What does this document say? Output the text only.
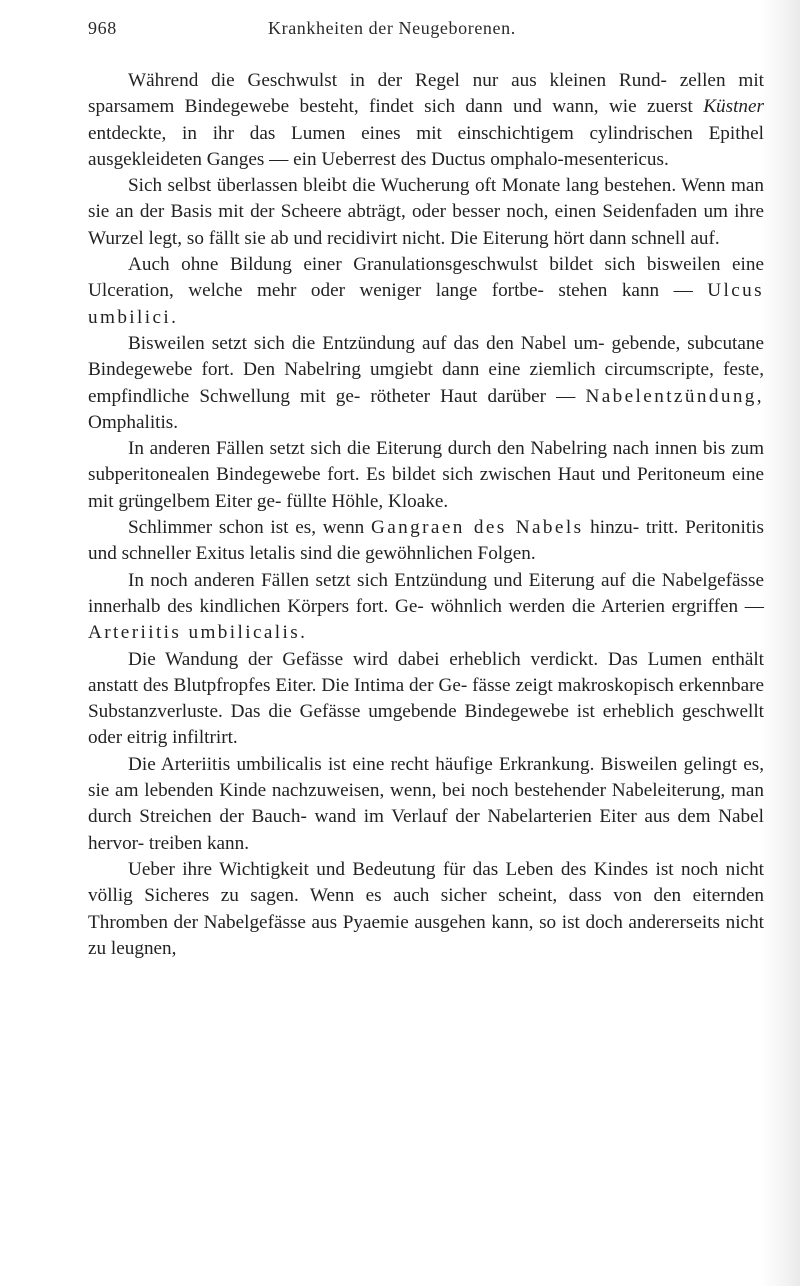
968	Krankheiten der Neugeborenen.

Während die Geschwulst in der Regel nur aus kleinen Rund- zellen mit sparsamem Bindegewebe besteht, findet sich dann und wann, wie zuerst Küstner entdeckte, in ihr das Lumen eines mit einschichtigem cylindrischen Epithel ausgekleideten Ganges — ein Ueberrest des Ductus omphalo-mesentericus.

Sich selbst überlassen bleibt die Wucherung oft Monate lang bestehen. Wenn man sie an der Basis mit der Scheere abträgt, oder besser noch, einen Seidenfaden um ihre Wurzel legt, so fällt sie ab und recidivirt nicht. Die Eiterung hört dann schnell auf.

Auch ohne Bildung einer Granulationsgeschwulst bildet sich bisweilen eine Ulceration, welche mehr oder weniger lange fortbe- stehen kann — Ulcus umbilici.

Bisweilen setzt sich die Entzündung auf das den Nabel um- gebende, subcutane Bindegewebe fort. Den Nabelring umgiebt dann eine ziemlich circumscripte, feste, empfindliche Schwellung mit ge- rötheter Haut darüber — Nabelentzündung, Omphalitis.

In anderen Fällen setzt sich die Eiterung durch den Nabelring nach innen bis zum subperitonealen Bindegewebe fort. Es bildet sich zwischen Haut und Peritoneum eine mit grüngelbem Eiter ge- füllte Höhle, Kloake.

Schlimmer schon ist es, wenn Gangraen des Nabels hinzu- tritt. Peritonitis und schneller Exitus letalis sind die gewöhnlichen Folgen.

In noch anderen Fällen setzt sich Entzündung und Eiterung auf die Nabelgefässe innerhalb des kindlichen Körpers fort. Ge- wöhnlich werden die Arterien ergriffen — Arteriitis umbilicalis.

Die Wandung der Gefässe wird dabei erheblich verdickt. Das Lumen enthält anstatt des Blutpfropfes Eiter. Die Intima der Ge- fässe zeigt makroskopisch erkennbare Substanzverluste. Das die Gefässe umgebende Bindegewebe ist erheblich geschwellt oder eitrig infiltrirt.

Die Arteriitis umbilicalis ist eine recht häufige Erkrankung. Bisweilen gelingt es, sie am lebenden Kinde nachzuweisen, wenn, bei noch bestehender Nabeleiterung, man durch Streichen der Bauch- wand im Verlauf der Nabelarterien Eiter aus dem Nabel hervor- treiben kann.

Ueber ihre Wichtigkeit und Bedeutung für das Leben des Kindes ist noch nicht völlig Sicheres zu sagen. Wenn es auch sicher scheint, dass von den eiternden Thromben der Nabelgefässe aus Pyaemie ausgehen kann, so ist doch andererseits nicht zu leugnen,
